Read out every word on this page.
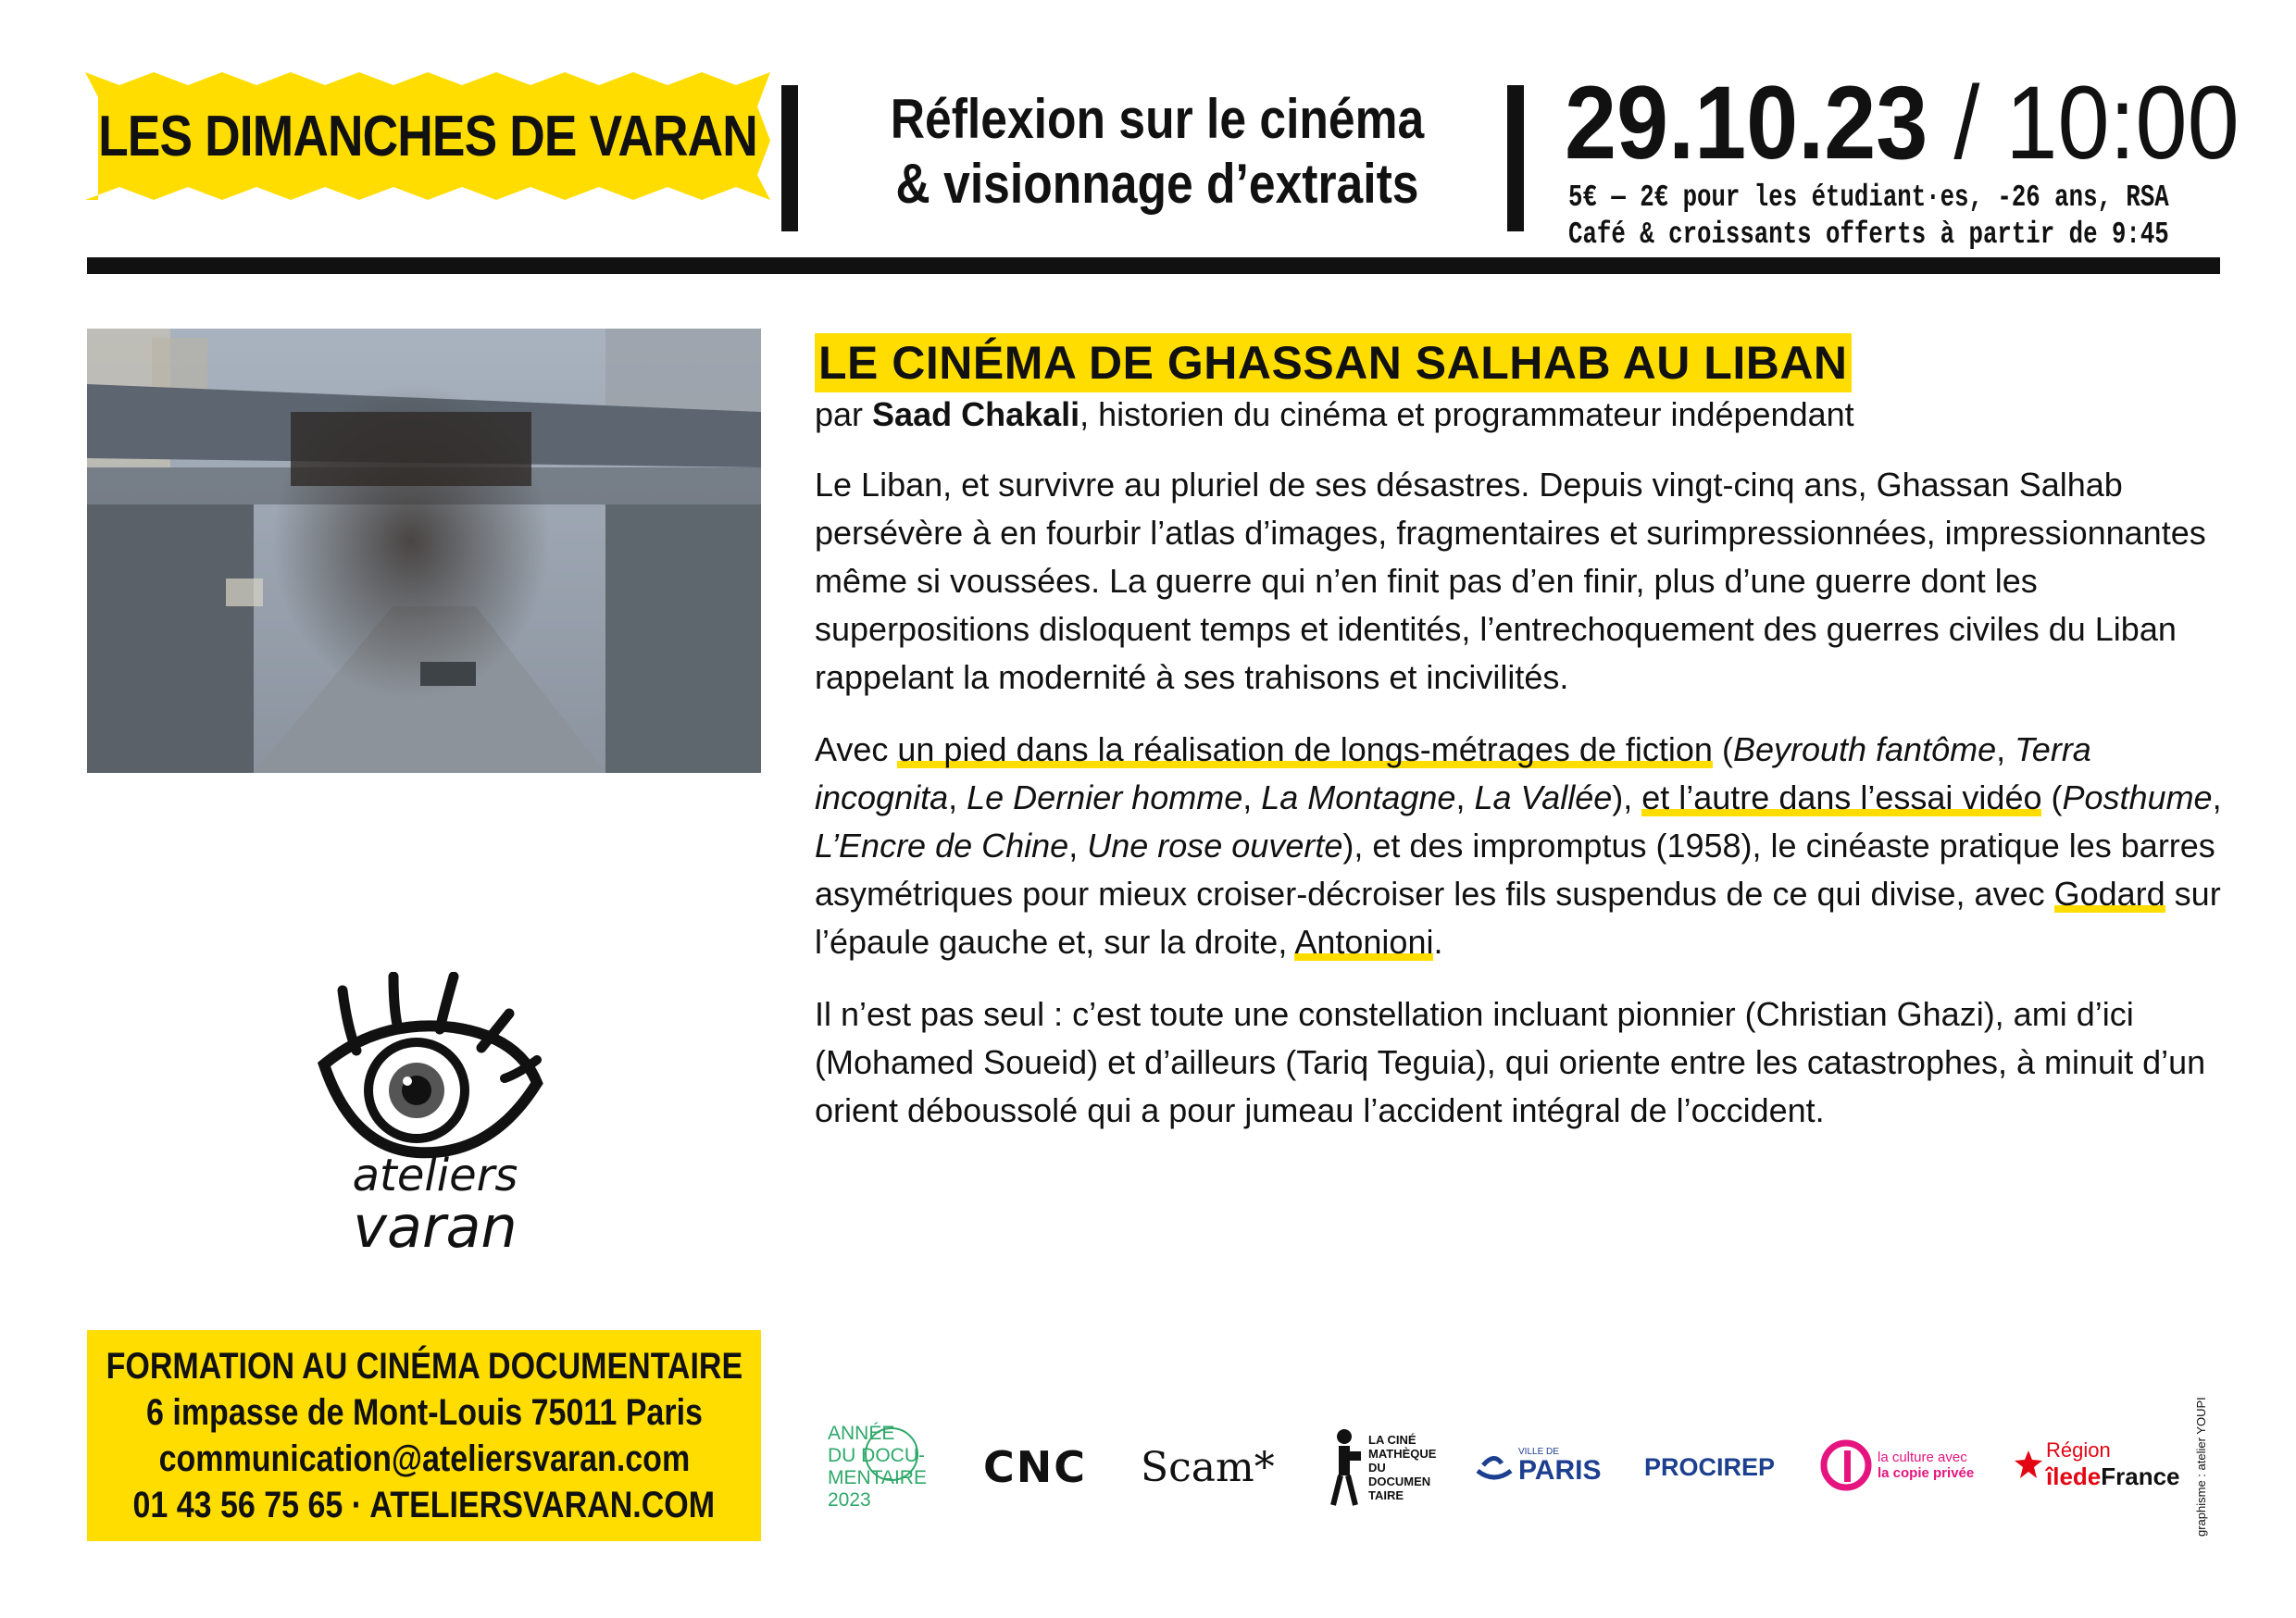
LES DIMANCHES DE VARAN Réflexion sur le cinéma
& visionnage d’extraits
29.10.23 / 10:00
5€ — 2€ pour les étudiant·es, -26 ans, RSA
Café & croissants offerts à partir de 9:45
LE CINÉMA DE GHASSAN SALHAB AU LIBAN
par Saad Chakali, historien du cinéma et programmateur indépendant

Le Liban, et survivre au pluriel de ses désastres. Depuis vingt-cinq ans, Ghassan Salhab persévère à en fourbir l’atlas d’images, fragmentaires et surimpressionnées, impressionnantes même si voussées. La guerre qui n’en finit pas d’en finir, plus d’une guerre dont les superpositions disloquent temps et identités, l’entrechoquement des guerres civiles du Liban rappelant la modernité à ses trahisons et incivilités.

Avec un pied dans la réalisation de longs-métrages de fiction (Beyrouth fantôme, Terra incognita, Le Dernier homme, La Montagne, La Vallée), et l’autre dans l’essai vidéo (Posthume, L’Encre de Chine, Une rose ouverte), et des impromptus (1958), le cinéaste pratique les barres asymétriques pour mieux croiser-décroiser les fils suspendus de ce qui divise, avec Godard sur l’épaule gauche et, sur la droite, Antonioni.

Il n’est pas seul : c’est toute une constellation incluant pionnier (Christian Ghazi), ami d’ici (Mohamed Soueid) et d’ailleurs (Tariq Teguia), qui oriente entre les catastrophes, à minuit d’un orient déboussolé qui a pour jumeau l’accident intégral de l’occident.

ateliers
varan
FORMATION AU CINÉMA DOCUMENTAIRE
6 impasse de Mont-Louis 75011 Paris
communication@ateliersvaran.com
01 43 56 75 65 · ATELIERSVARAN.COM
ANNÉE
DU DOCU-
MENTAIRE
2023
CNC Scam*
LA CINÉ
MATHÈQUE
DU
DOCUMEN
TAIRE
VILLE DE
PARIS PROCIREP	la culture avec
la copie privée
Région
îledeFrance graphisme : atelier YOUPI
